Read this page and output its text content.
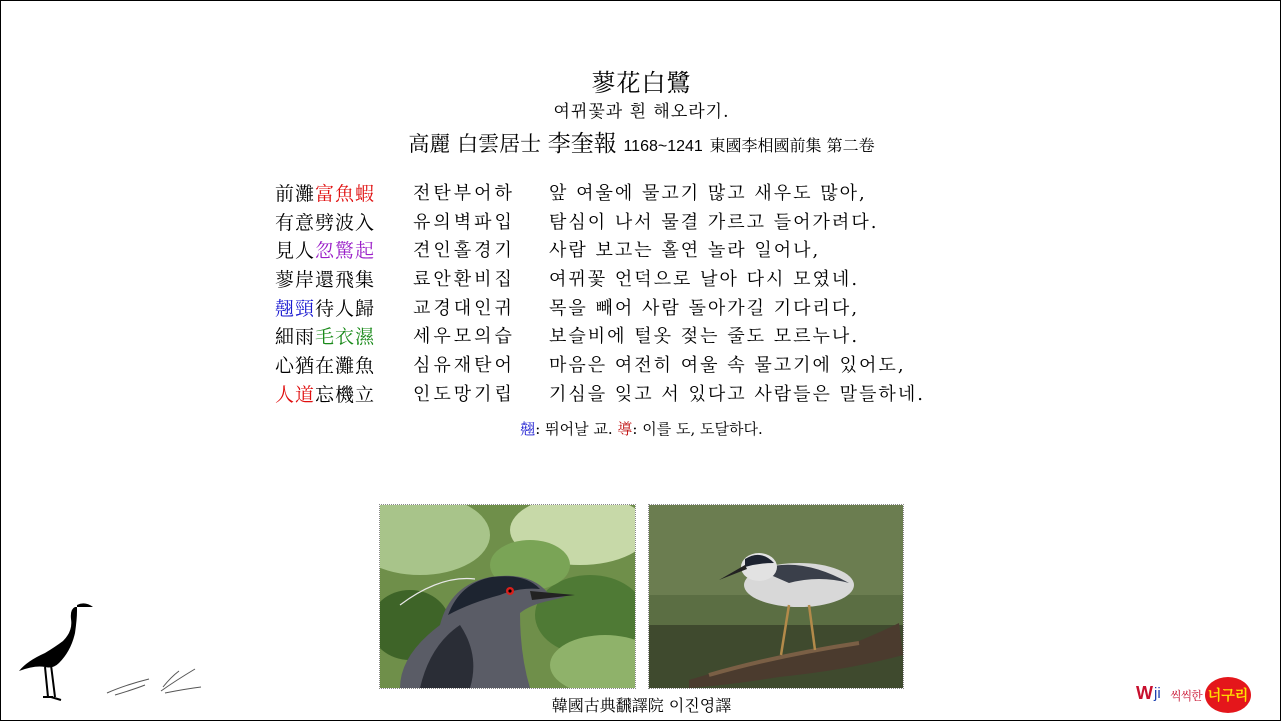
蓼花白鷺
여뀌꽃과 흰 해오라기.
高麗 白雲居士 李奎報 1168~1241 東國李相國前集 第二卷
前灘富魚蝦 전탄부어하 앞 여울에 물고기 많고 새우도 많아,
有意劈波入 유의벽파입 탐심이 나서 물결 가르고 들어가려다.
見人忽驚起 견인홀경기 사람 보고는 홀연 놀라 일어나,
蓼岸還飛集 료안환비집 여뀌꽃 언덕으로 날아 다시 모였네.
翹頸待人歸 교경대인귀 목을 빼어 사람 돌아가길 기다리다,
細雨毛衣濕 세우모의습 보슬비에 털옷 젖는 줄도 모르누나.
心猶在灘魚 심유재탄어 마음은 여전히 여울 속 물고기에 있어도,
人道忘機立 인도망기립 기심을 잊고 서 있다고 사람들은 말들하네.
翹: 뛰어날 교. 導: 이를 도, 도달하다.
韓國古典飜譯院 이진영譯
W ji 씩씩한 너구리
